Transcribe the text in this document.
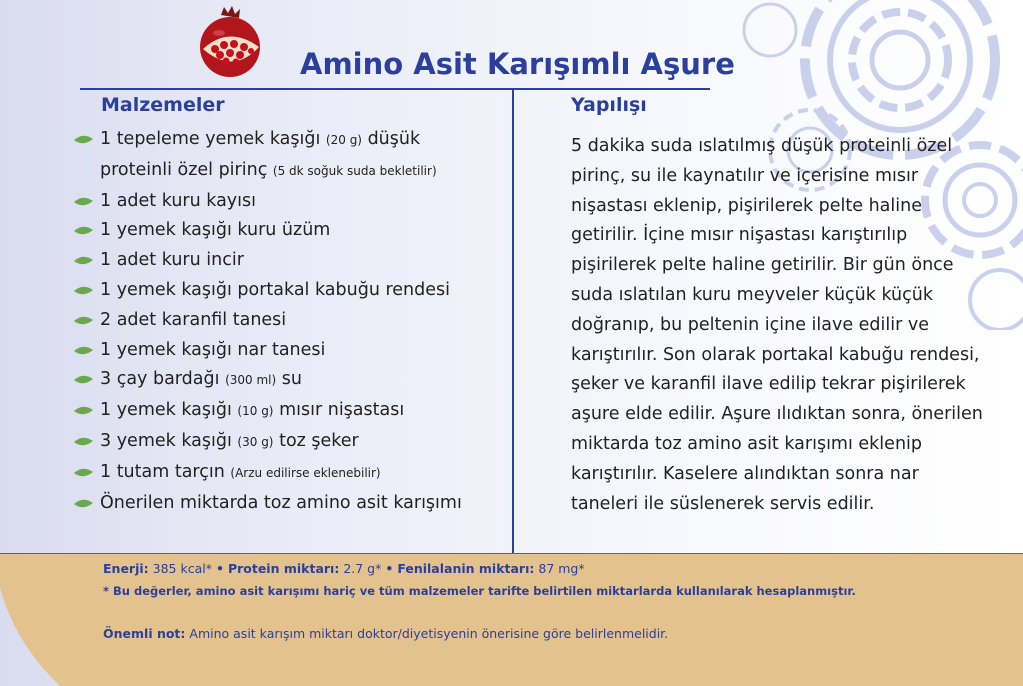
Amino Asit Karışımlı Aşure
Malzemeler
1 tepeleme yemek kaşığı (20 g) düşük
proteinli özel pirinç (5 dk soğuk suda bekletilir)
1 adet kuru kayısı
1 yemek kaşığı kuru üzüm
1 adet kuru incir
1 yemek kaşığı portakal kabuğu rendesi
2 adet karanfil tanesi
1 yemek kaşığı nar tanesi
3 çay bardağı (300 ml) su
1 yemek kaşığı (10 g) mısır nişastası
3 yemek kaşığı (30 g) toz şeker
1 tutam tarçın (Arzu edilirse eklenebilir)
Önerilen miktarda toz amino asit karışımı
Yapılışı

5 dakika suda ıslatılmış düşük proteinli özel pirinç, su ile kaynatılır ve içerisine mısır nişastası eklenip, pişirilerek pelte haline getirilir. İçine mısır nişastası karıştırılıp pişirilerek pelte haline getirilir. Bir gün önce suda ıslatılan kuru meyveler küçük küçük doğranıp, bu peltenin içine ilave edilir ve karıştırılır. Son olarak portakal kabuğu rendesi, şeker ve karanfil ilave edilip tekrar pişirilerek aşure elde edilir. Aşure ılıdıktan sonra, önerilen miktarda toz amino asit karışımı eklenip karıştırılır. Kaselere alındıktan sonra nar taneleri ile süslenerek servis edilir.

Enerji: 385 kcal* • Protein miktarı: 2.7 g* • Fenilalanin miktarı: 87 mg*

* Bu değerler, amino asit karışımı hariç ve tüm malzemeler tarifte belirtilen miktarlarda kullanılarak hesaplanmıştır.

Önemli not: Amino asit karışım miktarı doktor/diyetisyenin önerisine göre belirlenmelidir.
